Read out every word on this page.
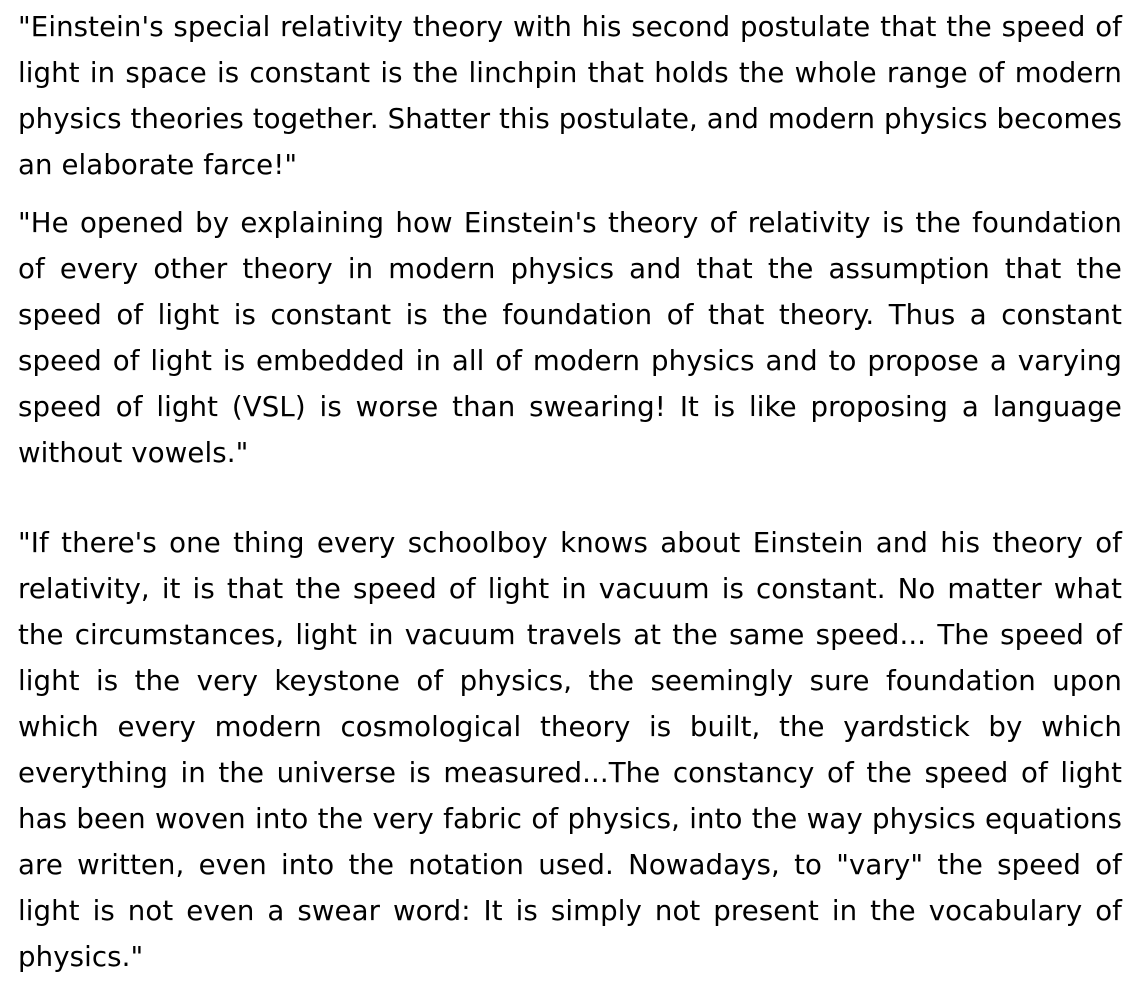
"Einstein's special relativity theory with his second postulate that the speed of light in space is constant is the linchpin that holds the whole range of modern physics theories together. Shatter this postulate, and modern physics becomes an elaborate farce!"

"He opened by explaining how Einstein's theory of relativity is the foundation of every other theory in modern physics and that the assumption that the speed of light is constant is the foundation of that theory. Thus a constant speed of light is embedded in all of modern physics and to propose a varying speed of light (VSL) is worse than swearing! It is like proposing a language without vowels."

"If there's one thing every schoolboy knows about Einstein and his theory of relativity, it is that the speed of light in vacuum is constant. No matter what the circumstances, light in vacuum travels at the same speed... The speed of light is the very keystone of physics, the seemingly sure foundation upon which every modern cosmological theory is built, the yardstick by which everything in the universe is measured...The constancy of the speed of light has been woven into the very fabric of physics, into the way physics equations are written, even into the notation used. Nowadays, to "vary" the speed of light is not even a swear word: It is simply not present in the vocabulary of physics."
